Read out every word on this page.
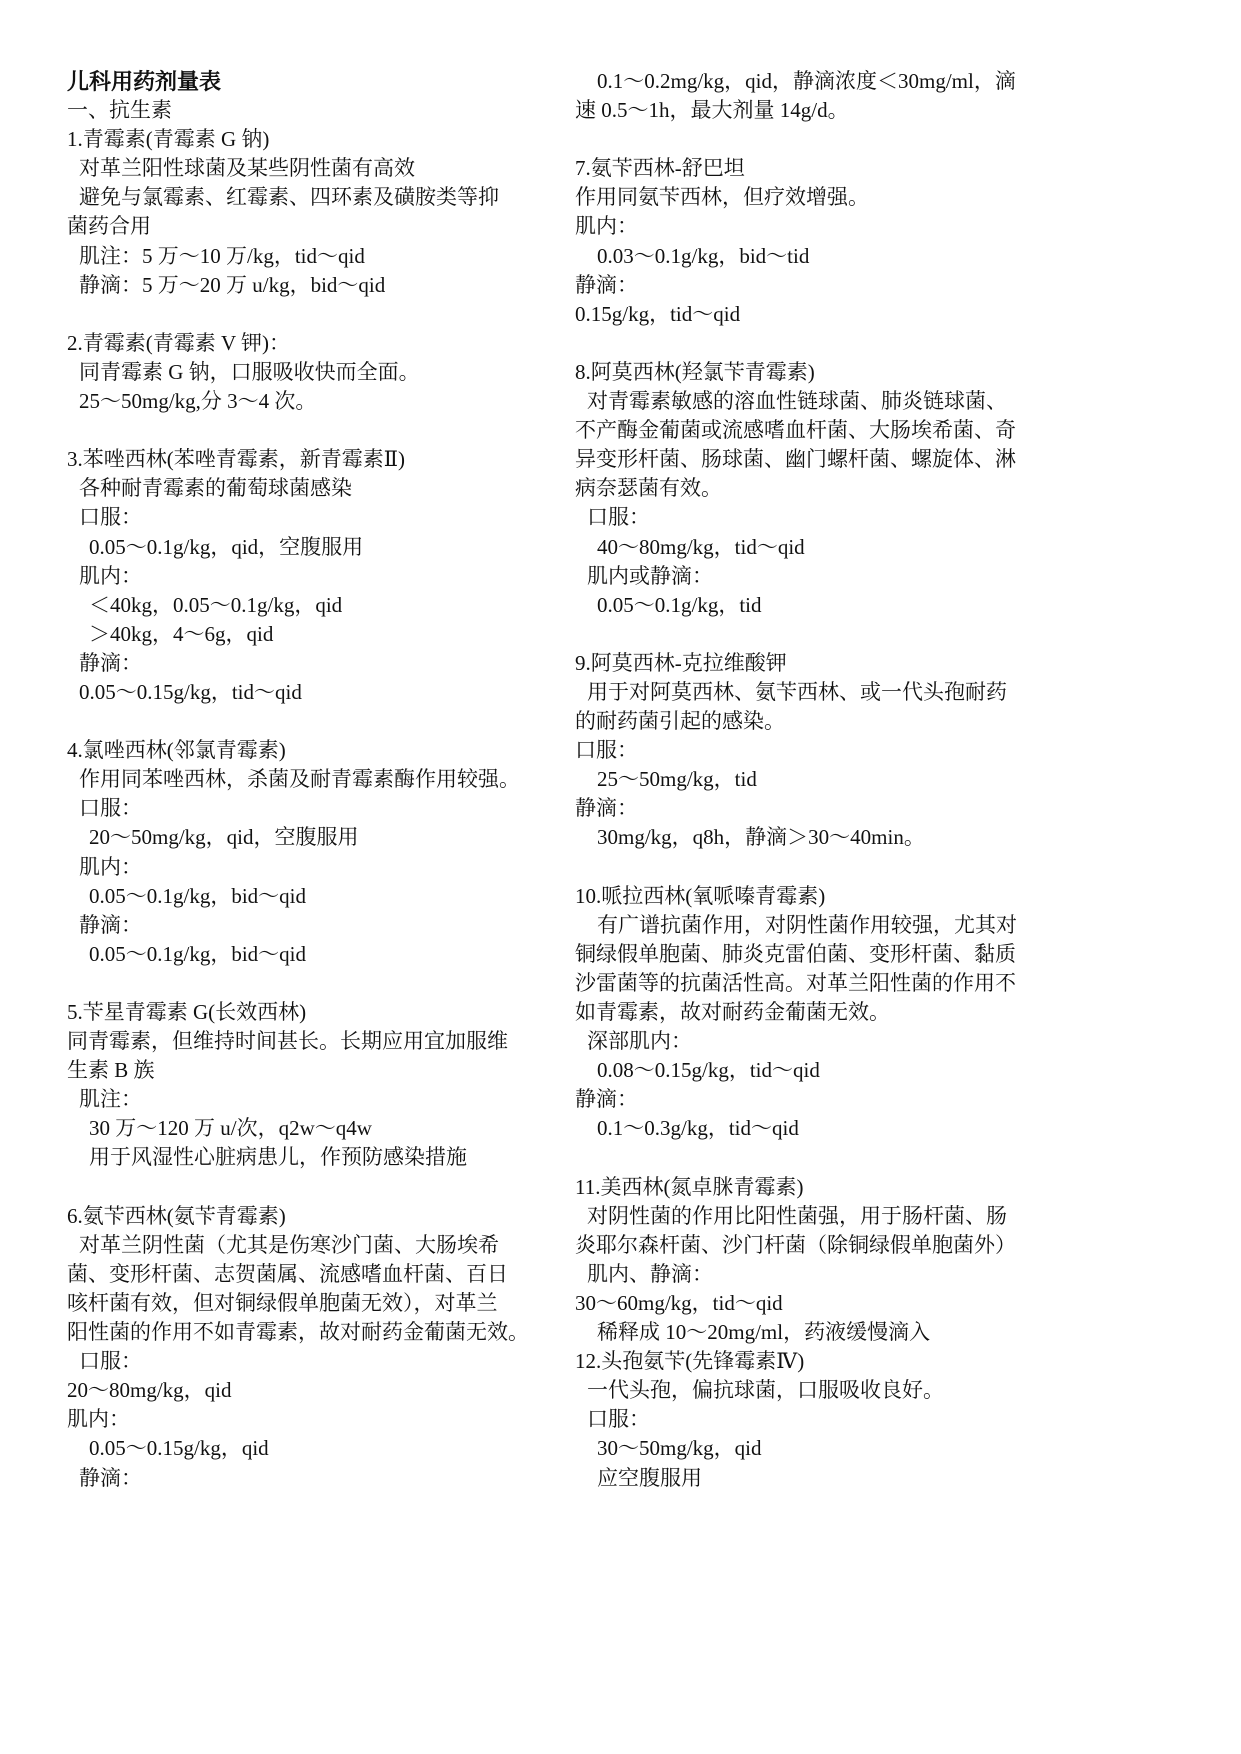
儿科用药剂量表
一、抗生素
1.青霉素(青霉素 G 钠)
对革兰阳性球菌及某些阴性菌有高效
避免与氯霉素、红霉素、四环素及磺胺类等抑
菌药合用
肌注：5 万～10 万/kg，tid～qid
静滴：5 万～20 万 u/kg，bid～qid
2.青霉素(青霉素 V 钾)：
同青霉素 G 钠，口服吸收快而全面。
25～50mg/kg,分 3～4 次。
3.苯唑西林(苯唑青霉素，新青霉素Ⅱ)
各种耐青霉素的葡萄球菌感染
口服：
0.05～0.1g/kg，qid，空腹服用
肌内：
＜40kg，0.05～0.1g/kg，qid
＞40kg，4～6g，qid
静滴：
0.05～0.15g/kg，tid～qid
4.氯唑西林(邻氯青霉素)
作用同苯唑西林，杀菌及耐青霉素酶作用较强。
口服：
20～50mg/kg，qid，空腹服用
肌内：
0.05～0.1g/kg，bid～qid
静滴：
0.05～0.1g/kg，bid～qid
5.苄星青霉素 G(长效西林)
同青霉素，但维持时间甚长。长期应用宜加服维
生素 B 族
肌注：
30 万～120 万 u/次，q2w～q4w
用于风湿性心脏病患儿，作预防感染措施
6.氨苄西林(氨苄青霉素)
对革兰阴性菌（尤其是伤寒沙门菌、大肠埃希
菌、变形杆菌、志贺菌属、流感嗜血杆菌、百日
咳杆菌有效，但对铜绿假单胞菌无效），对革兰
阳性菌的作用不如青霉素，故对耐药金葡菌无效。
口服：
20～80mg/kg，qid
肌内：
0.05～0.15g/kg，qid
静滴：
0.1～0.2mg/kg，qid，静滴浓度＜30mg/ml，滴
速 0.5～1h，最大剂量 14g/d。
7.氨苄西林-舒巴坦
作用同氨苄西林，但疗效增强。
肌内：
0.03～0.1g/kg，bid～tid
静滴：
0.15g/kg，tid～qid
8.阿莫西林(羟氯苄青霉素)
对青霉素敏感的溶血性链球菌、肺炎链球菌、
不产酶金葡菌或流感嗜血杆菌、大肠埃希菌、奇
异变形杆菌、肠球菌、幽门螺杆菌、螺旋体、淋
病奈瑟菌有效。
口服：
40～80mg/kg，tid～qid
肌内或静滴：
0.05～0.1g/kg，tid
9.阿莫西林-克拉维酸钾
用于对阿莫西林、氨苄西林、或一代头孢耐药
的耐药菌引起的感染。
口服：
25～50mg/kg，tid
静滴：
30mg/kg，q8h，静滴＞30～40min。
10.哌拉西林(氧哌嗪青霉素)
有广谱抗菌作用，对阴性菌作用较强，尤其对
铜绿假单胞菌、肺炎克雷伯菌、变形杆菌、黏质
沙雷菌等的抗菌活性高。对革兰阳性菌的作用不
如青霉素，故对耐药金葡菌无效。
深部肌内：
0.08～0.15g/kg，tid～qid
静滴：
0.1～0.3g/kg，tid～qid
11.美西林(氮卓脒青霉素)
对阴性菌的作用比阳性菌强，用于肠杆菌、肠
炎耶尔森杆菌、沙门杆菌（除铜绿假单胞菌外）
肌内、静滴：
30～60mg/kg，tid～qid
稀释成 10～20mg/ml，药液缓慢滴入
12.头孢氨苄(先锋霉素Ⅳ)
一代头孢，偏抗球菌，口服吸收良好。
口服：
30～50mg/kg，qid
应空腹服用
